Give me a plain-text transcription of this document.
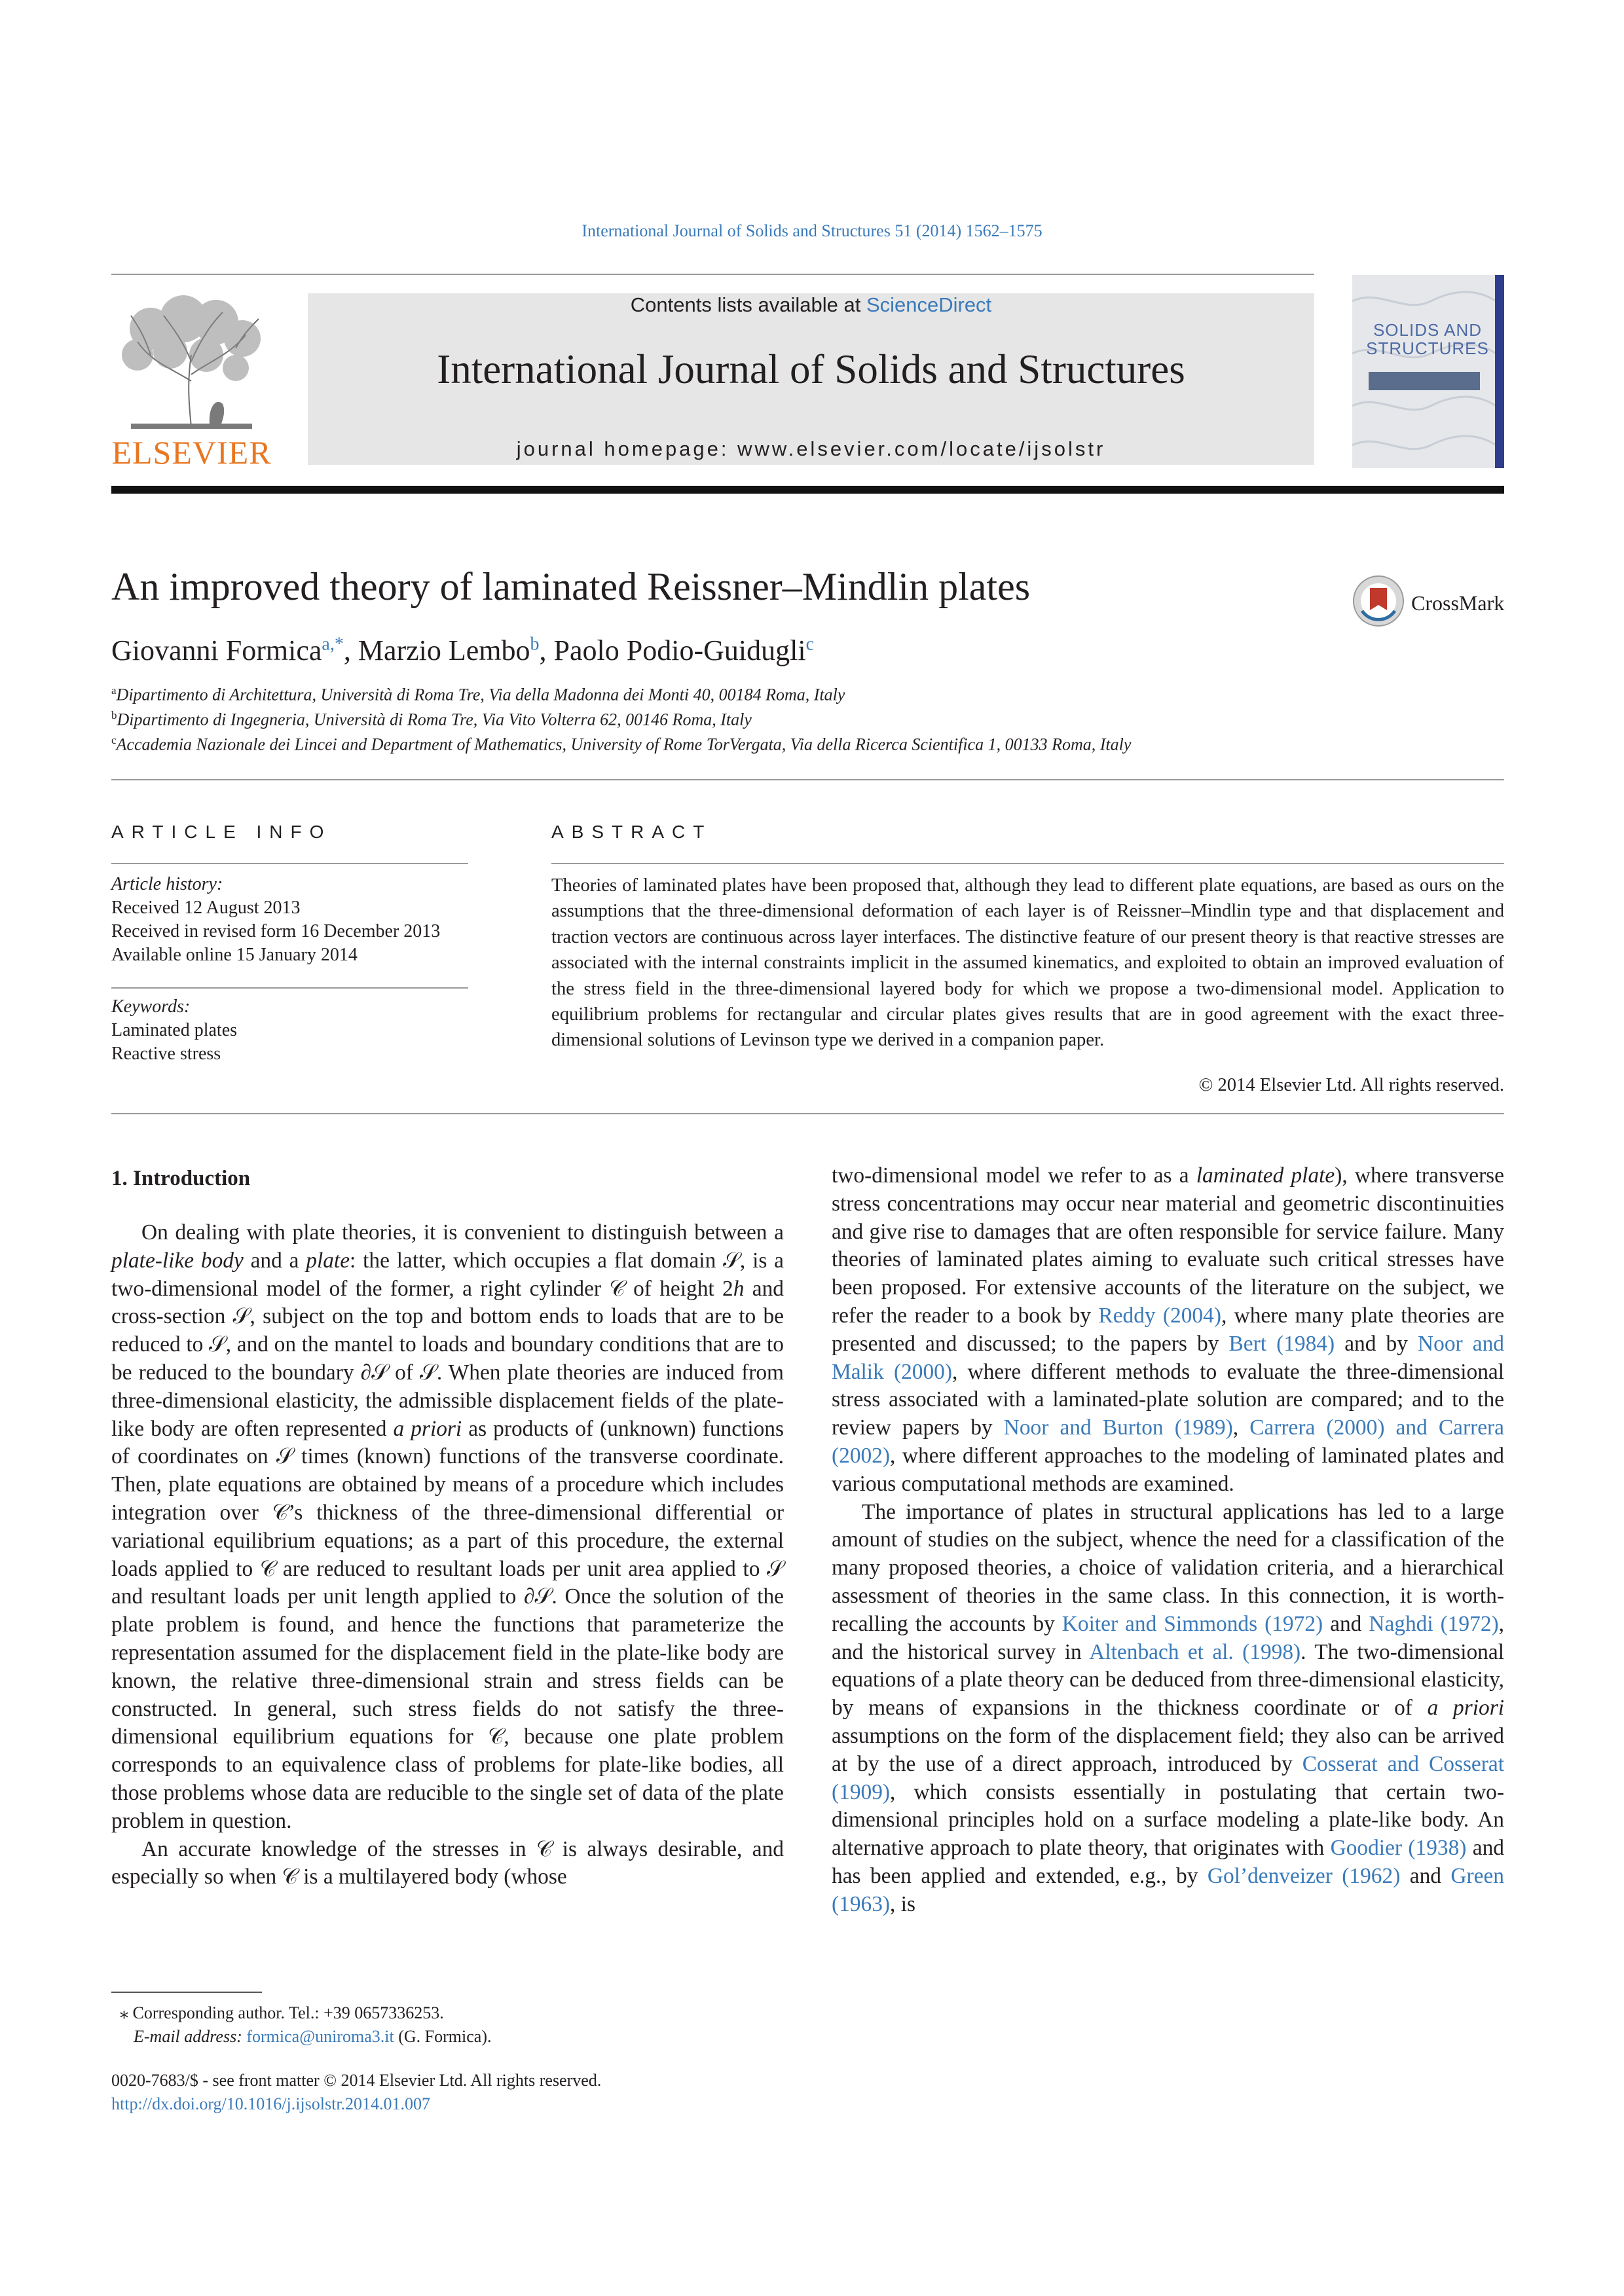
International Journal of Solids and Structures 51 (2014) 1562–1575
ELSEVIER
Contents lists available at ScienceDirect
International Journal of Solids and Structures
journal homepage: www.elsevier.com/locate/ijsolstr
SOLIDS AND STRUCTURES
An improved theory of laminated Reissner–Mindlin plates	CrossMark
Giovanni Formica$^{a,*}$, Marzio Lembo$^b$, Paolo Podio-Guidugli$^c$
$^a$Dipartimento di Architettura, Università di Roma Tre, Via della Madonna dei Monti 40, 00184 Roma, Italy
$^b$Dipartimento di Ingegneria, Università di Roma Tre, Via Vito Volterra 62, 00146 Roma, Italy
$^c$Accademia Nazionale dei Lincei and Department of Mathematics, University of Rome TorVergata, Via della Ricerca Scientifica 1, 00133 Roma, Italy
ARTICLE INFO
Article history:
Received 12 August 2013
Received in revised form 16 December 2013
Available online 15 January 2014
Keywords:
Laminated plates
Reactive stress
ABSTRACT
Theories of laminated plates have been proposed that, although they lead to different plate equations, are based as ours on the assumptions that the three-dimensional deformation of each layer is of Reissner–Mindlin type and that displacement and traction vectors are continuous across layer interfaces. The distinctive feature of our present theory is that reactive stresses are associated with the internal constraints implicit in the assumed kinematics, and exploited to obtain an improved evaluation of the stress field in the three-dimensional layered body for which we propose a two-dimensional model. Application to equilibrium problems for rectangular and circular plates gives results that are in good agreement with the exact three-dimensional solutions of Levinson type we derived in a companion paper.
© 2014 Elsevier Ltd. All rights reserved.
1. Introduction

On dealing with plate theories, it is convenient to distinguish between a plate-like body and a plate: the latter, which occupies a flat domain 𝒮, is a two-dimensional model of the former, a right cylinder 𝒞 of height 2h and cross-section 𝒮, subject on the top and bottom ends to loads that are to be reduced to 𝒮, and on the mantel to loads and boundary conditions that are to be reduced to the boundary ∂𝒮 of 𝒮. When plate theories are induced from three-dimensional elasticity, the admissible displacement fields of the plate-like body are often represented a priori as products of (unknown) functions of coordinates on 𝒮 times (known) functions of the transverse coordinate. Then, plate equations are obtained by means of a procedure which includes integration over 𝒞’s thickness of the three-dimensional differential or variational equilibrium equations; as a part of this procedure, the external loads applied to 𝒞 are reduced to resultant loads per unit area applied to 𝒮 and resultant loads per unit length applied to ∂𝒮. Once the solution of the plate problem is found, and hence the functions that parameterize the representation assumed for the displacement field in the plate-like body are known, the relative three-dimensional strain and stress fields can be constructed. In general, such stress fields do not satisfy the three-dimensional equilibrium equations for 𝒞, because one plate problem corresponds to an equivalence class of problems for plate-like bodies, all those problems whose data are reducible to the single set of data of the plate problem in question.

An accurate knowledge of the stresses in 𝒞 is always desirable, and especially so when 𝒞 is a multilayered body (whose

two-dimensional model we refer to as a laminated plate), where transverse stress concentrations may occur near material and geometric discontinuities and give rise to damages that are often responsible for service failure. Many theories of laminated plates aiming to evaluate such critical stresses have been proposed. For extensive accounts of the literature on the subject, we refer the reader to a book by Reddy (2004), where many plate theories are presented and discussed; to the papers by Bert (1984) and by Noor and Malik (2000), where different methods to evaluate the three-dimensional stress associated with a laminated-plate solution are compared; and to the review papers by Noor and Burton (1989), Carrera (2000) and Carrera (2002), where different approaches to the modeling of laminated plates and various computational methods are examined.

The importance of plates in structural applications has led to a large amount of studies on the subject, whence the need for a classification of the many proposed theories, a choice of validation criteria, and a hierarchical assessment of theories in the same class. In this connection, it is worth-recalling the accounts by Koiter and Simmonds (1972) and Naghdi (1972), and the historical survey in Altenbach et al. (1998). The two-dimensional equations of a plate theory can be deduced from three-dimensional elasticity, by means of expansions in the thickness coordinate or of a priori assumptions on the form of the displacement field; they also can be arrived at by the use of a direct approach, introduced by Cosserat and Cosserat (1909), which consists essentially in postulating that certain two-dimensional principles hold on a surface modeling a plate-like body. An alternative approach to plate theory, that originates with Goodier (1938) and has been applied and extended, e.g., by Gol’denveizer (1962) and Green (1963), is

⁎ Corresponding author. Tel.: +39 0657336253.
E-mail address: formica@uniroma3.it (G. Formica).
0020-7683/$ - see front matter © 2014 Elsevier Ltd. All rights reserved.
http://dx.doi.org/10.1016/j.ijsolstr.2014.01.007
